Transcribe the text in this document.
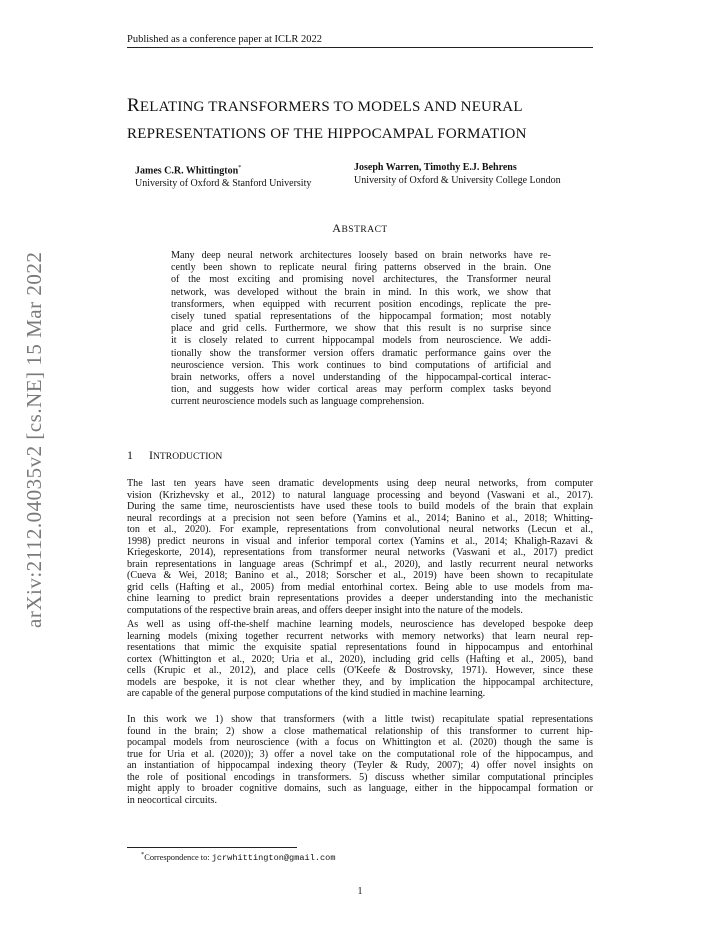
Published as a conference paper at ICLR 2022
RELATING TRANSFORMERS TO MODELS AND NEURAL
REPRESENTATIONS OF THE HIPPOCAMPAL FORMATION
James C.R. Whittington*
University of Oxford & Stanford University
Joseph Warren, Timothy E.J. Behrens
University of Oxford & University College London
ABSTRACT
Many deep neural network architectures loosely based on brain networks have re-
cently been shown to replicate neural firing patterns observed in the brain. One
of the most exciting and promising novel architectures, the Transformer neural
network, was developed without the brain in mind. In this work, we show that
transformers, when equipped with recurrent position encodings, replicate the pre-
cisely tuned spatial representations of the hippocampal formation; most notably
place and grid cells. Furthermore, we show that this result is no surprise since
it is closely related to current hippocampal models from neuroscience. We addi-
tionally show the transformer version offers dramatic performance gains over the
neuroscience version. This work continues to bind computations of artificial and
brain networks, offers a novel understanding of the hippocampal-cortical interac-
tion, and suggests how wider cortical areas may perform complex tasks beyond
current neuroscience models such as language comprehension.
1 INTRODUCTION
The last ten years have seen dramatic developments using deep neural networks, from computer
vision (Krizhevsky et al., 2012) to natural language processing and beyond (Vaswani et al., 2017).
During the same time, neuroscientists have used these tools to build models of the brain that explain
neural recordings at a precision not seen before (Yamins et al., 2014; Banino et al., 2018; Whitting-
ton et al., 2020). For example, representations from convolutional neural networks (Lecun et al.,
1998) predict neurons in visual and inferior temporal cortex (Yamins et al., 2014; Khaligh-Razavi &
Kriegeskorte, 2014), representations from transformer neural networks (Vaswani et al., 2017) predict
brain representations in language areas (Schrimpf et al., 2020), and lastly recurrent neural networks
(Cueva & Wei, 2018; Banino et al., 2018; Sorscher et al., 2019) have been shown to recapitulate
grid cells (Hafting et al., 2005) from medial entorhinal cortex. Being able to use models from ma-
chine learning to predict brain representations provides a deeper understanding into the mechanistic
computations of the respective brain areas, and offers deeper insight into the nature of the models.
As well as using off-the-shelf machine learning models, neuroscience has developed bespoke deep
learning models (mixing together recurrent networks with memory networks) that learn neural rep-
resentations that mimic the exquisite spatial representations found in hippocampus and entorhinal
cortex (Whittington et al., 2020; Uria et al., 2020), including grid cells (Hafting et al., 2005), band
cells (Krupic et al., 2012), and place cells (O'Keefe & Dostrovsky, 1971). However, since these
models are bespoke, it is not clear whether they, and by implication the hippocampal architecture,
are capable of the general purpose computations of the kind studied in machine learning.
In this work we 1) show that transformers (with a little twist) recapitulate spatial representations
found in the brain; 2) show a close mathematical relationship of this transformer to current hip-
pocampal models from neuroscience (with a focus on Whittington et al. (2020) though the same is
true for Uria et al. (2020)); 3) offer a novel take on the computational role of the hippocampus, and
an instantiation of hippocampal indexing theory (Teyler & Rudy, 2007); 4) offer novel insights on
the role of positional encodings in transformers. 5) discuss whether similar computational principles
might apply to broader cognitive domains, such as language, either in the hippocampal formation or
in neocortical circuits.
arXiv:2112.04035v2 [cs.NE] 15 Mar 2022
*Correspondence to: jcrwhittington@gmail.com
1
